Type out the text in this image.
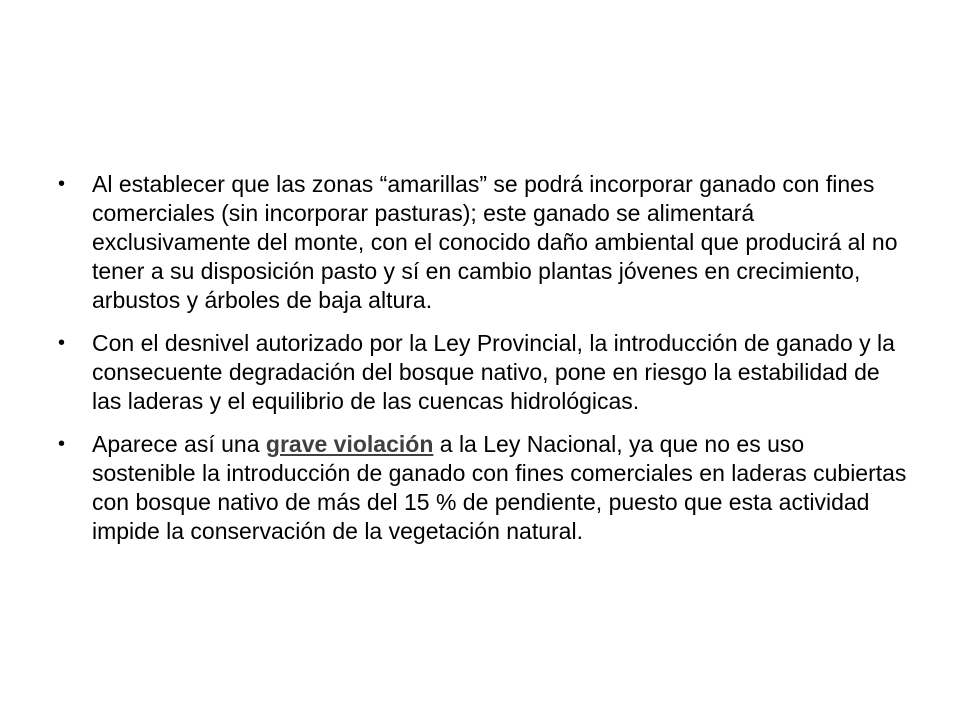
•	Al establecer que las zonas “amarillas” se podrá incorporar ganado con fines comerciales (sin incorporar pasturas); este ganado se alimentará exclusivamente del monte, con el conocido daño ambiental que producirá al no tener a su disposición pasto y sí en cambio plantas jóvenes en crecimiento, arbustos y árboles de baja altura.
•	Con el desnivel autorizado por la Ley Provincial, la introducción de ganado y la consecuente degradación del bosque nativo, pone en riesgo la estabilidad de las laderas y el equilibrio de las cuencas hidrológicas.
•	Aparece así una grave violación a la Ley Nacional, ya que no es uso sostenible la introducción de ganado con fines comerciales en laderas cubiertas con bosque nativo de más del 15 % de pendiente, puesto que esta actividad impide la conservación de la vegetación natural.
